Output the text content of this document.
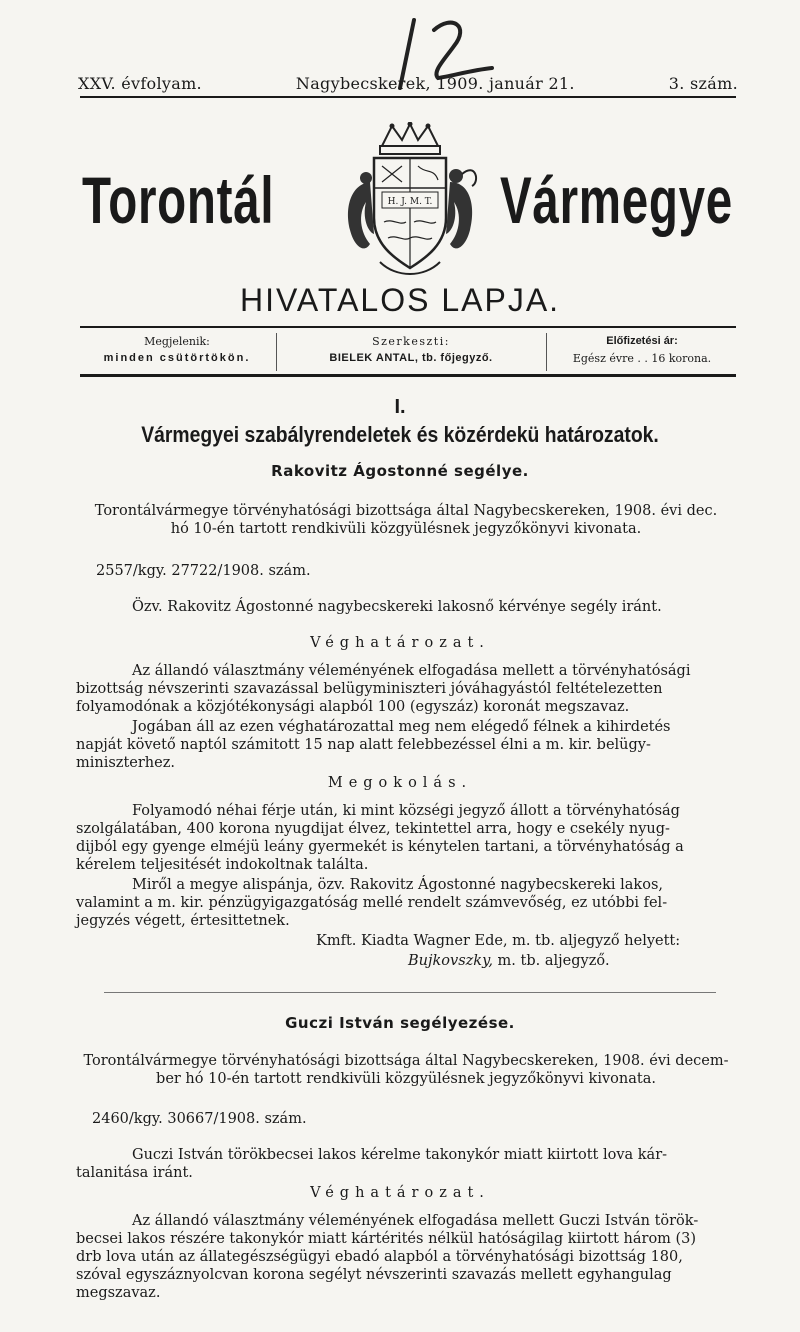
XXV. évfolyam.	Nagybecskerek, 1909. január 21.	3. szám.
Torontál	H. J. M. T. Vármegye
HIVATALOS LAPJA.
Megjelenik:
minden csütörtökön.
Szerkeszti:
BIELEK ANTAL, tb. főjegyző.
Előfizetési ár:
Egész évre . . 16 korona.
I.
Vármegyei szabályrendeletek és közérdekü határozatok.
Rakovitz Ágostonné segélye.
Torontálvármegye törvényhatósági bizottsága által Nagybecskereken, 1908. évi dec.
hó 10-én tartott rendkivüli közgyülésnek jegyzőkönyvi kivonata.
2557/kgy. 27722/1908. szám.
Özv. Rakovitz Ágostonné nagybecskereki lakosnő kérvénye segély iránt.
Véghatározat.
Az állandó választmány véleményének elfogadása mellett a törvényhatósági
bizottság névszerinti szavazással belügyminiszteri jóváhagyástól feltételezetten
folyamodónak a közjótékonysági alapból 100 (egyszáz) koronát megszavaz.
Jogában áll az ezen véghatározattal meg nem elégedő félnek a kihirdetés
napját követő naptól számitott 15 nap alatt felebbezéssel élni a m. kir. belügy-
miniszterhez.
Megokolás.
Folyamodó néhai férje után, ki mint községi jegyző állott a törvényhatóság
szolgálatában, 400 korona nyugdijat élvez, tekintettel arra, hogy e csekély nyug-
dijból egy gyenge elméjü leány gyermekét is kénytelen tartani, a törvényhatóság a
kérelem teljesitését indokoltnak találta.
Miről a megye alispánja, özv. Rakovitz Ágostonné nagybecskereki lakos,
valamint a m. kir. pénzügyigazgatóság mellé rendelt számvevőség, ez utóbbi fel-
jegyzés végett, értesittetnek.
Kmft. Kiadta Wagner Ede, m. tb. aljegyző helyett:
Bujkovszky, m. tb. aljegyző.
Guczi István segélyezése.
Torontálvármegye törvényhatósági bizottsága által Nagybecskereken, 1908. évi decem-
ber hó 10-én tartott rendkivüli közgyülésnek jegyzőkönyvi kivonata.
2460/kgy. 30667/1908. szám.
Guczi István törökbecsei lakos kérelme takonykór miatt kiirtott lova kár-
talanitása iránt.
Véghatározat.
Az állandó választmány véleményének elfogadása mellett Guczi István török-
becsei lakos részére takonykór miatt kártérités nélkül hatóságilag kiirtott három (3)
drb lova után az állategészségügyi ebadó alapból a törvényhatósági bizottság 180,
szóval egyszáznyolcvan korona segélyt névszerinti szavazás mellett egyhangulag
megszavaz.
